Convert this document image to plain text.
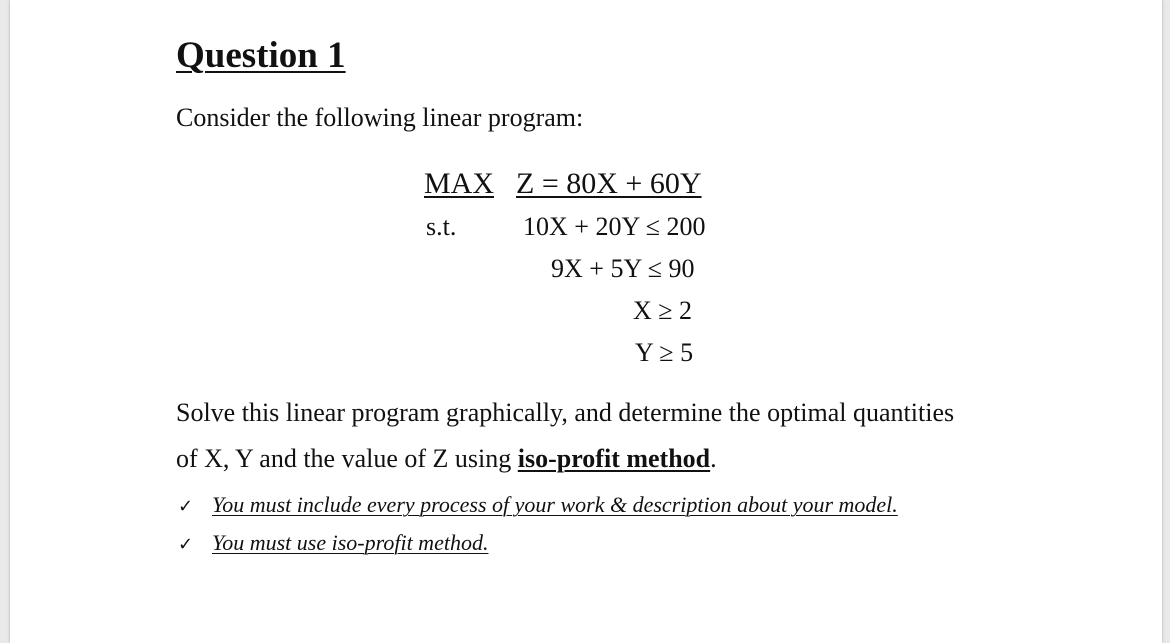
Question 1
Consider the following linear program:
MAX Z = 80X + 60Y
s.t.	10X + 20Y ≤ 200
9X + 5Y ≤ 90
X ≥ 2
Y ≥ 5
Solve this linear program graphically, and determine the optimal quantities
of X, Y and the value of Z using iso-profit method.
✓ You must include every process of your work & description about your model.
✓ You must use iso-profit method.
